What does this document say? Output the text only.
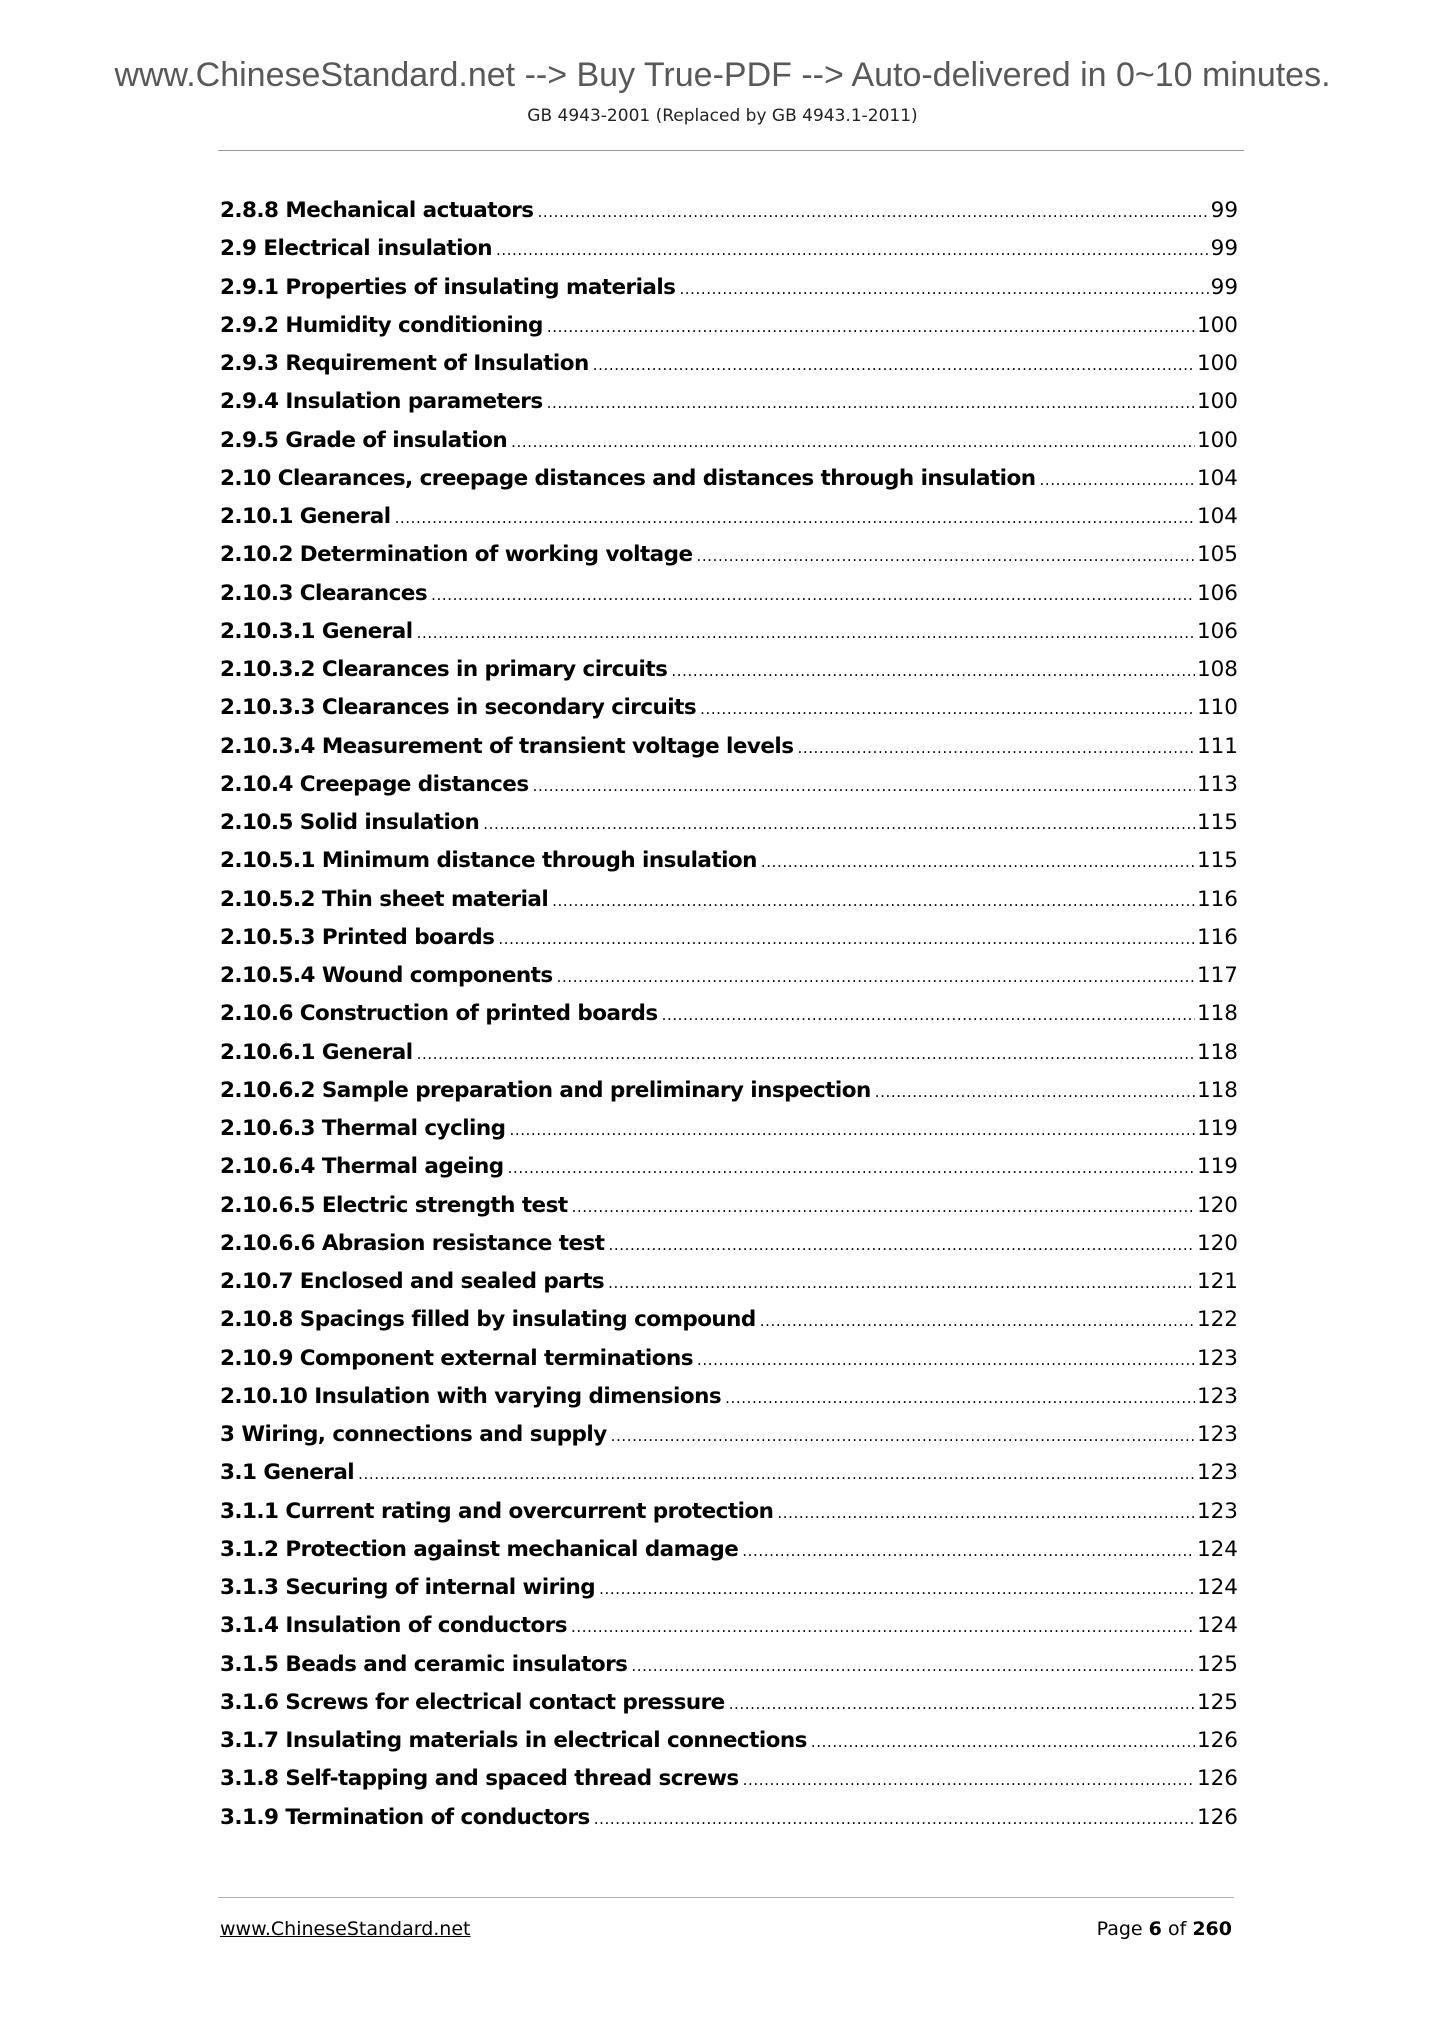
www.ChineseStandard.net --> Buy True-PDF --> Auto-delivered in 0~10 minutes.
GB 4943-2001 (Replaced by GB 4943.1-2011)
2.8.8 Mechanical actuators .....	99
2.9 Electrical insulation .....	99
2.9.1 Properties of insulating materials .....	99
2.9.2 Humidity conditioning .....	100
2.9.3 Requirement of Insulation .....	100
2.9.4 Insulation parameters .....	100
2.9.5 Grade of insulation .....	100
2.10 Clearances, creepage distances and distances through insulation .....	104
2.10.1 General .....	104
2.10.2 Determination of working voltage .....	105
2.10.3 Clearances .....	106
2.10.3.1 General .....	106
2.10.3.2 Clearances in primary circuits .....	108
2.10.3.3 Clearances in secondary circuits .....	110
2.10.3.4 Measurement of transient voltage levels .....	111
2.10.4 Creepage distances .....	113
2.10.5 Solid insulation .....	115
2.10.5.1 Minimum distance through insulation .....	115
2.10.5.2 Thin sheet material .....	116
2.10.5.3 Printed boards .....	116
2.10.5.4 Wound components .....	117
2.10.6 Construction of printed boards .....	118
2.10.6.1 General .....	118
2.10.6.2 Sample preparation and preliminary inspection .....	118
2.10.6.3 Thermal cycling .....	119
2.10.6.4 Thermal ageing .....	119
2.10.6.5 Electric strength test .....	120
2.10.6.6 Abrasion resistance test .....	120
2.10.7 Enclosed and sealed parts .....	121
2.10.8 Spacings filled by insulating compound .....	122
2.10.9 Component external terminations .....	123
2.10.10 Insulation with varying dimensions .....	123
3 Wiring, connections and supply .....	123
3.1 General .....	123
3.1.1 Current rating and overcurrent protection .....	123
3.1.2 Protection against mechanical damage .....	124
3.1.3 Securing of internal wiring .....	124
3.1.4 Insulation of conductors .....	124
3.1.5 Beads and ceramic insulators .....	125
3.1.6 Screws for electrical contact pressure .....	125
3.1.7 Insulating materials in electrical connections .....	126
3.1.8 Self-tapping and spaced thread screws .....	126
3.1.9 Termination of conductors .....	126
www.ChineseStandard.net	Page 6 of 260
